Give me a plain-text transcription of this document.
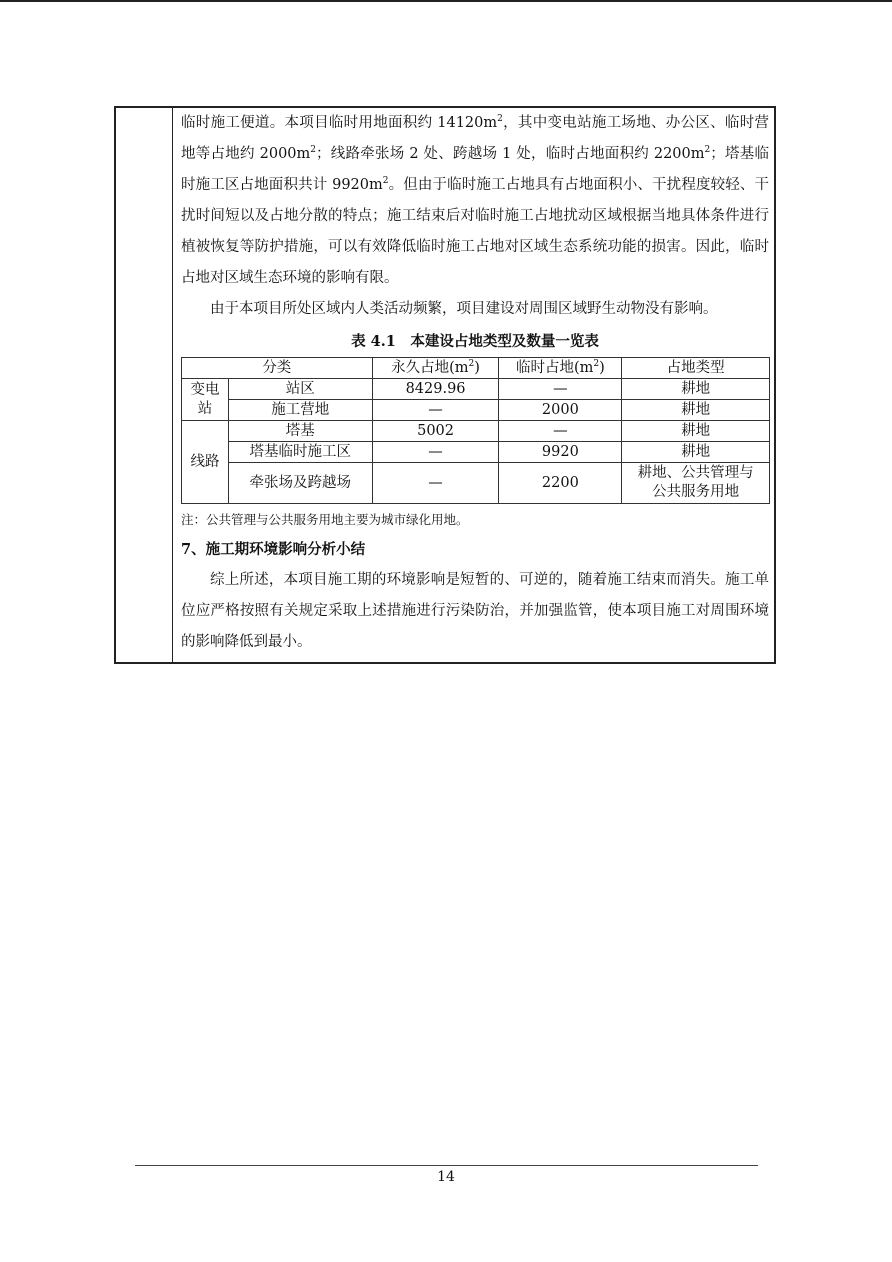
临时施工便道。本项目临时用地面积约 $14120m^2$，其中变电站施工场地、办公区、临时营地等占地约 $2000m^2$；线路牵张场 2 处、跨越场 1 处，临时占地面积约 $2200m^2$；塔基临时施工区占地面积共计 $9920m^2$。但由于临时施工占地具有占地面积小、干扰程度较轻、干扰时间短以及占地分散的特点；施工结束后对临时施工占地扰动区域根据当地具体条件进行植被恢复等防护措施，可以有效降低临时施工占地对区域生态系统功能的损害。因此，临时占地对区域生态环境的影响有限。

由于本项目所处区域内人类活动频繁，项目建设对周围区域野生动物没有影响。

表 4.1　本建设占地类型及数量一览表
分类		永久占地$(m^2)$	临时占地$(m^2)$	占地类型

变电站	站区	8429.96	—	耕地
	施工营地	—	2000	耕地
线路	塔基	5002	—	耕地
	塔基临时施工区	—	9920	耕地
	牵张场及跨越场	—	2200	耕地、公共管理与
公共服务用地

注：公共管理与公共服务用地主要为城市绿化用地。

7、施工期环境影响分析小结

综上所述，本项目施工期的环境影响是短暂的、可逆的，随着施工结束而消失。施工单位应严格按照有关规定采取上述措施进行污染防治，并加强监管，使本项目施工对周围环境的影响降低到最小。

14
